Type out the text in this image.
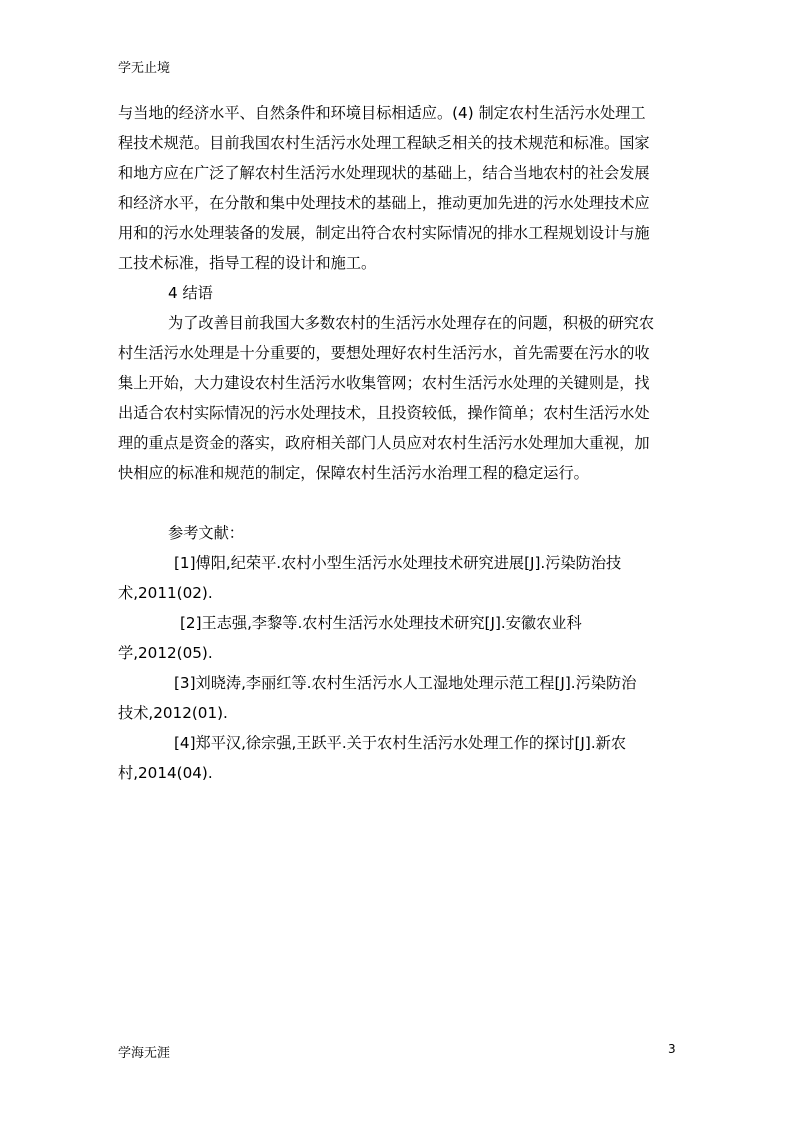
学无止境
与当地的经济水平、自然条件和环境目标相适应。(4) 制定农村生活污水处理工
程技术规范。目前我国农村生活污水处理工程缺乏相关的技术规范和标准。国家
和地方应在广泛了解农村生活污水处理现状的基础上，结合当地农村的社会发展
和经济水平，在分散和集中处理技术的基础上，推动更加先进的污水处理技术应
用和的污水处理装备的发展，制定出符合农村实际情况的排水工程规划设计与施
工技术标准，指导工程的设计和施工。
4 结语
为了改善目前我国大多数农村的生活污水处理存在的问题，积极的研究农
村生活污水处理是十分重要的，要想处理好农村生活污水，首先需要在污水的收
集上开始，大力建设农村生活污水收集管网；农村生活污水处理的关键则是，找
出适合农村实际情况的污水处理技术，且投资较低，操作简单；农村生活污水处
理的重点是资金的落实，政府相关部门人员应对农村生活污水处理加大重视，加
快相应的标准和规范的制定，保障农村生活污水治理工程的稳定运行。
参考文献：
[1]傅阳,纪荣平.农村小型生活污水处理技术研究进展[J].污染防治技
术,2011(02).
[2]王志强,李黎等.农村生活污水处理技术研究[J].安徽农业科
学,2012(05).
[3]刘晓涛,李丽红等.农村生活污水人工湿地处理示范工程[J].污染防治
技术,2012(01).
[4]郑平汉,徐宗强,王跃平.关于农村生活污水处理工作的探讨[J].新农
村,2014(04).
学海无涯	3
